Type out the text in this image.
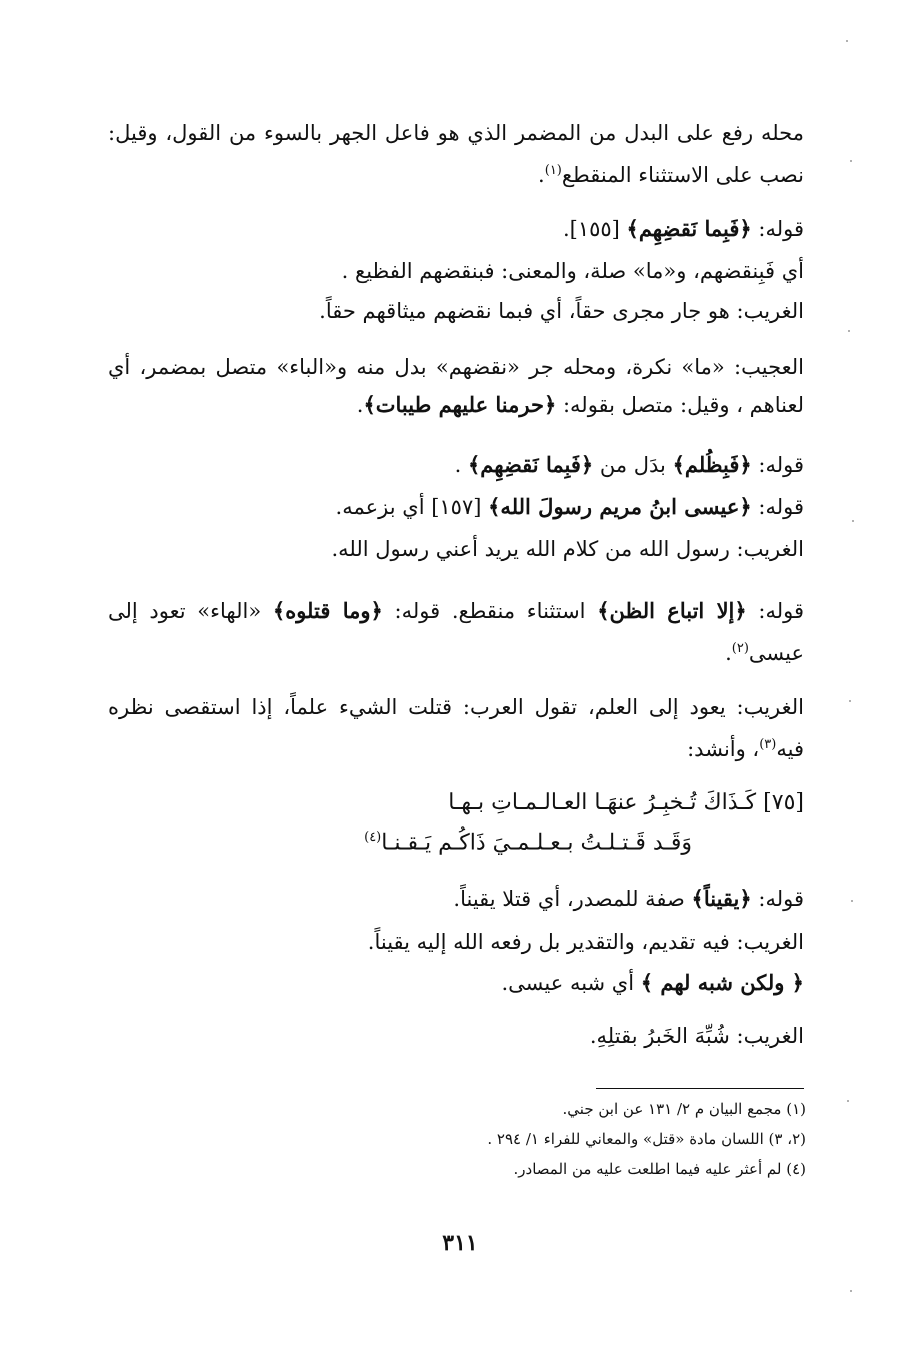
محله رفع على البدل من المضمر الذي هو فاعل الجهر بالسوء من القول، وقيل: نصب على الاستثناء المنقطع$^{(١)}$.
قوله: ﴿فَبِما نَقضِهِم﴾ [١٥٥].
أي فَبِنقضهم، و«ما» صلة، والمعنى: فبنقضهم الفظيع .
الغريب: هو جار مجرى حقاً، أي فبما نقضهم ميثاقهم حقاً.
العجيب: «ما» نكرة، ومحله جر «نقضهم» بدل منه و«الباء» متصل بمضمر، أي لعناهم ، وقيل: متصل بقوله: ﴿حرمنا عليهم طيبات﴾.
قوله: ﴿فَبِظُلم﴾ بدَل من ﴿فَبِما نَقضِهِم﴾ .
قوله: ﴿عيسى ابنُ مريم رسولَ الله﴾ [١٥٧] أي بزعمه.
الغريب: رسول الله من كلام الله يريد أعني رسول الله.
قوله: ﴿إلا اتباع الظن﴾ استثناء منقطع. قوله: ﴿وما قتلوه﴾ «الهاء» تعود إلى عيسى$^{(٢)}$.
الغريب: يعود إلى العلم، تقول العرب: قتلت الشيء علماً، إذا استقصى نظره فيه$^{(٣)}$، وأنشد:
[٧٥] كَـذَاكَ تُـخبِـرُ عنهَـا العـالـمـاتِ بـهـا
وَقَـد قَـتـلـتُ بـعـلـمـيَ ذَاكُـم يَـقـنـا$^{(٤)}$
قوله: ﴿يقيناً﴾ صفة للمصدر، أي قتلا يقيناً.
الغريب: فيه تقديم، والتقدير بل رفعه الله إليه يقيناً.
﴿ ولكن شبه لهم ﴾ أي شبه عيسى.
الغريب: شُبِّهَ الخَبرُ بقتلِهِ.
(١) مجمع البيان م ٢/ ١٣١ عن ابن جني.
(٢، ٣) اللسان مادة «قتل» والمعاني للفراء ١/ ٢٩٤ .
(٤) لم أعثر عليه فيما اطلعت عليه من المصادر.
٣١١
